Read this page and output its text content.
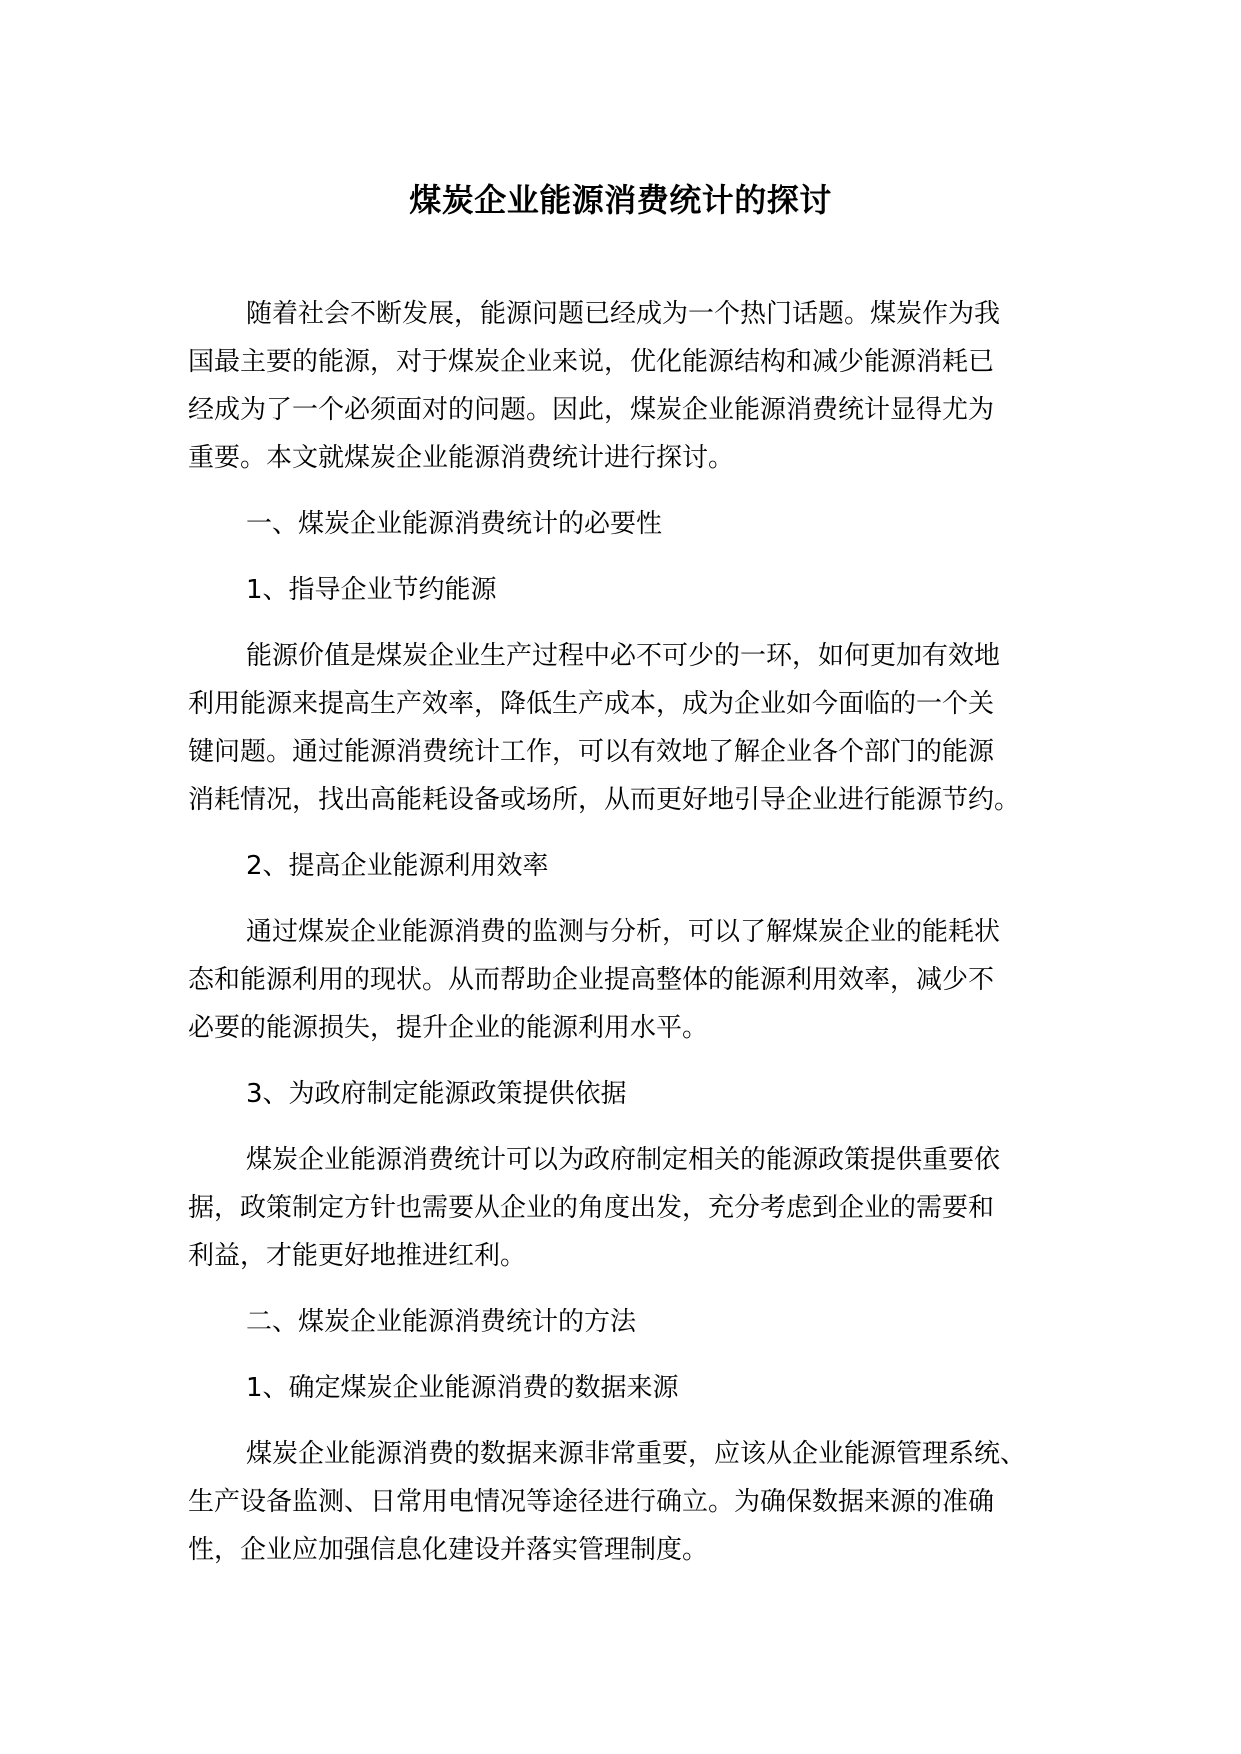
煤炭企业能源消费统计的探讨
随着社会不断发展，能源问题已经成为一个热门话题。煤炭作为我
国最主要的能源，对于煤炭企业来说，优化能源结构和减少能源消耗已
经成为了一个必须面对的问题。因此，煤炭企业能源消费统计显得尤为
重要。本文就煤炭企业能源消费统计进行探讨。
一、煤炭企业能源消费统计的必要性
1、指导企业节约能源
能源价值是煤炭企业生产过程中必不可少的一环，如何更加有效地
利用能源来提高生产效率，降低生产成本，成为企业如今面临的一个关
键问题。通过能源消费统计工作，可以有效地了解企业各个部门的能源
消耗情况，找出高能耗设备或场所，从而更好地引导企业进行能源节约。
2、提高企业能源利用效率
通过煤炭企业能源消费的监测与分析，可以了解煤炭企业的能耗状
态和能源利用的现状。从而帮助企业提高整体的能源利用效率，减少不
必要的能源损失，提升企业的能源利用水平。
3、为政府制定能源政策提供依据
煤炭企业能源消费统计可以为政府制定相关的能源政策提供重要依
据，政策制定方针也需要从企业的角度出发，充分考虑到企业的需要和
利益，才能更好地推进红利。
二、煤炭企业能源消费统计的方法
1、确定煤炭企业能源消费的数据来源
煤炭企业能源消费的数据来源非常重要，应该从企业能源管理系统、
生产设备监测、日常用电情况等途径进行确立。为确保数据来源的准确
性，企业应加强信息化建设并落实管理制度。
